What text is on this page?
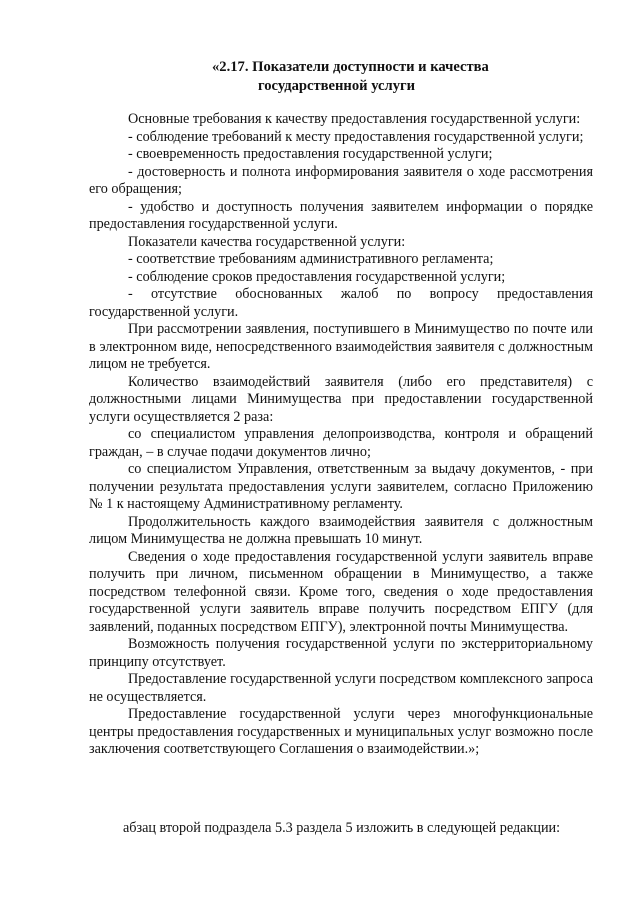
«2.17. Показатели доступности и качества
государственной услуги

Основные требования к качеству предоставления государственной услуги:

- соблюдение требований к месту предоставления государственной услуги;

- своевременность предоставления государственной услуги;

- достоверность и полнота информирования заявителя о ходе рассмотрения его обращения;

- удобство и доступность получения заявителем информации о порядке предоставления государственной услуги.

Показатели качества государственной услуги:

- соответствие требованиям административного регламента;

- соблюдение сроков предоставления государственной услуги;

- отсутствие обоснованных жалоб по вопросу предоставления государственной услуги.

При рассмотрении заявления, поступившего в Минимущество по почте или в электронном виде, непосредственного взаимодействия заявителя с должностным лицом не требуется.

Количество взаимодействий заявителя (либо его представителя) с должностными лицами Минимущества при предоставлении государственной услуги осуществляется 2 раза:

со специалистом управления делопроизводства, контроля и обращений граждан, – в случае подачи документов лично;

со специалистом Управления, ответственным за выдачу документов, - при получении результата предоставления услуги заявителем, согласно Приложению № 1 к настоящему Административному регламенту.

Продолжительность каждого взаимодействия заявителя с должностным лицом Минимущества не должна превышать 10 минут.

Сведения о ходе предоставления государственной услуги заявитель вправе получить при личном, письменном обращении в Минимущество, а также посредством телефонной связи. Кроме того, сведения о ходе предоставления государственной услуги заявитель вправе получить посредством ЕПГУ (для заявлений, поданных посредством ЕПГУ), электронной почты Минимущества.

Возможность получения государственной услуги по экстерриториальному принципу отсутствует.

Предоставление государственной услуги посредством комплексного запроса не осуществляется.

Предоставление государственной услуги через многофункциональные центры предоставления государственных и муниципальных услуг возможно после заключения соответствующего Соглашения о взаимодействии.»;

абзац второй подраздела 5.3 раздела 5 изложить в следующей редакции:
